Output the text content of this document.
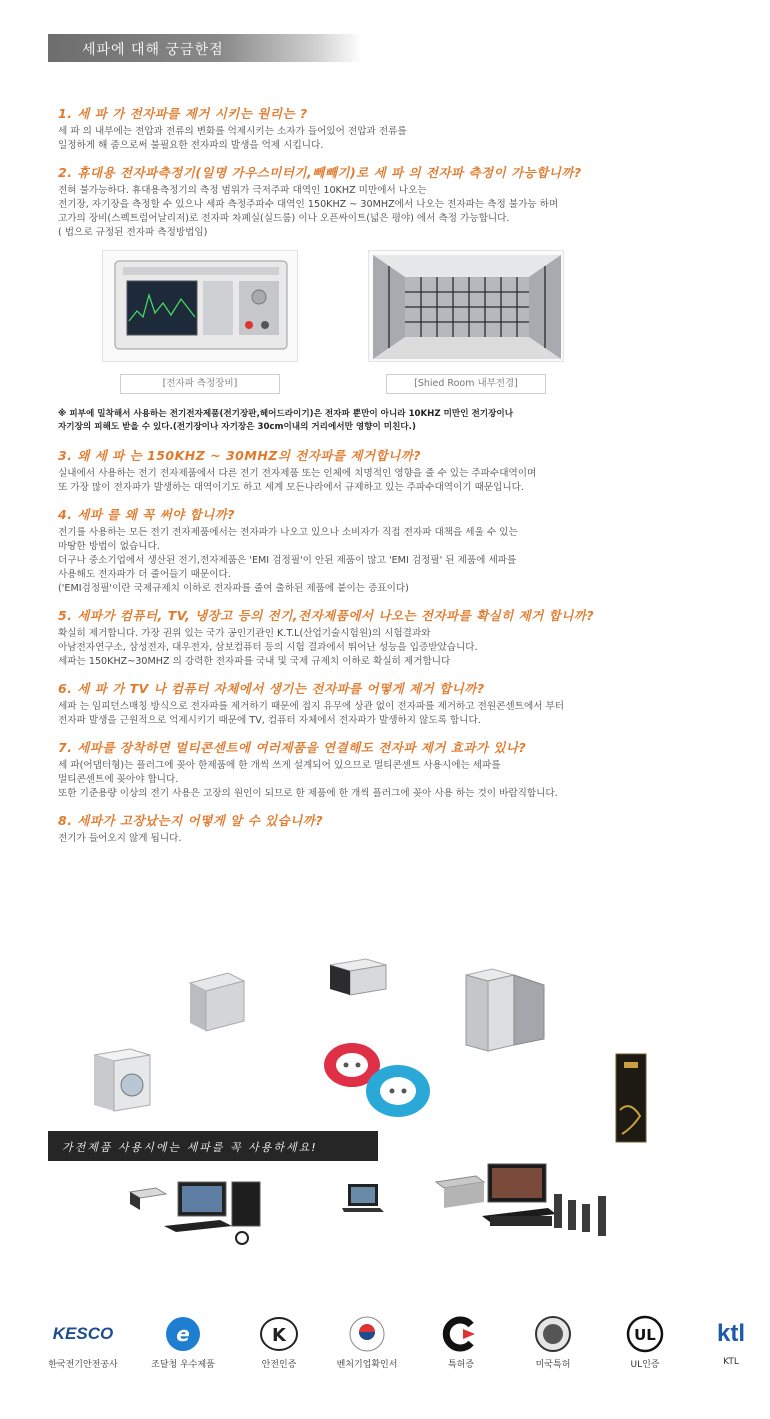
세파에 대해 궁금한점
1. 세 파 가 전자파를 제거 시키는 원리는 ?
세 파 의 내부에는 전압과 전류의 변화를 억제시키는 소자가 들어있어 전압과 전류를
일정하게 해 줌으로써 불필요한 전자파의 발생을 억제 시킵니다.
2. 휴대용 전자파측정기(일명 가우스미터기,뻬빼기)로 세 파 의 전자파 측정이 가능합니까?
전혀 불가능하다. 휴대용측정기의 측정 범위가 극저주파 대역인 10KHZ 미만에서 나오는
전기장, 자기장을 측정할 수 있으나 세파 측정주파수 대역인 150KHZ ~ 30MHZ에서 나오는 전자파는 측정 불가능 하며
고가의 장비(스펙트럼어날리저)로 전자파 차폐실(실드룸) 이나 오픈싸이트(넓은 평야) 에서 측정 가능합니다.
( 법으로 규정된 전자파 측정방법임)
[전자파 측정장비]	[Shied Room 내부전경]
※ 피부에 밀착해서 사용하는 전기전자제품(전기장판,헤어드라이기)은 전자파 뿐만이 아니라 10KHZ 미만인 전기장이나
자기장의 피해도 받을 수 있다.(전기장이나 자기장은 30cm이내의 거리에서만 영향이 미친다.)
3. 왜 세 파 는 150KHZ ~ 30MHZ의 전자파를 제거합니까?
실내에서 사용하는 전기 전자제품에서 다른 전기 전자제품 또는 인체에 치명적인 영향을 줄 수 있는 주파수대역이며
또 가장 많이 전자파가 발생하는 대역이기도 하고 세계 모든나라에서 규제하고 있는 주파수대역이기 때문입니다.
4. 세파 를 왜 꼭 써야 합니까?
전기를 사용하는 모든 전기 전자제품에서는 전자파가 나오고 있으나 소비자가 직접 전자파 대책을 세울 수 있는
마땅한 방법이 없습니다.
더구나 중소기업에서 생산된 전기,전자제품은 'EMI 검정필'이 안된 제품이 많고 'EMI 검정필' 된 제품에 세파를
사용해도 전자파가 더 줄어들기 때문이다.
('EMI검정필'이란 국제규제치 이하로 전자파를 줄여 출하된 제품에 붙이는 증표이다)
5. 세파가 컴퓨터, TV, 냉장고 등의 전기,전자제품에서 나오는 전자파를 확실히 제거 합니까?
확실히 제거합니다. 가장 권위 있는 국가 공인기관인 K.T.L(산업기술시험원)의 시험결과와
아남전자연구소, 삼성전자, 대우전자, 삼보컴퓨터 등의 시험 결과에서 뛰어난 성능을 입증받았습니다.
세파는 150KHZ~30MHZ 의 강력한 전자파를 국내 및 국제 규제치 이하로 확실히 제거합니다
6. 세 파 가 TV 나 컴퓨터 자체에서 생기는 전자파를 어떻게 제거 합니까?
세파 는 임피던스매칭 방식으로 전자파를 제거하기 때문에 접지 유무에 상관 없이 전자파를 제거하고 전원콘센트에서 부터
전자파 발생을 근원적으로 억제시키기 때문에 TV, 컴퓨터 자체에서 전자파가 발생하지 않도록 합니다.
7. 세파를 장착하면 멀티콘센트에 여러제품을 연결해도 전자파 제거 효과가 있나?
세 파(어댑터형)는 플러그에 꽂아 한제품에 한 개씩 쓰게 설계되어 있으므로 멀티콘센트 사용시에는 세파를
멀티콘센트에 꽂아야 합니다.
또한 기준용량 이상의 전기 사용은 고장의 원인이 되므로 한 제품에 한 개씩 플러그에 꽂아 사용 하는 것이 바람직합니다.
8. 세파가 고장났는지 어떻게 알 수 있습니까?
전기가 들어오지 않게 됩니다.
가전제품 사용시에는 세파를 꼭 사용하세요!
KESCO
한국전기안전공사
e
조달청 우수제품
K
안전인증	벤처기업확인서	특허증	미국특허
UL
UL인증
ktl
KTL
